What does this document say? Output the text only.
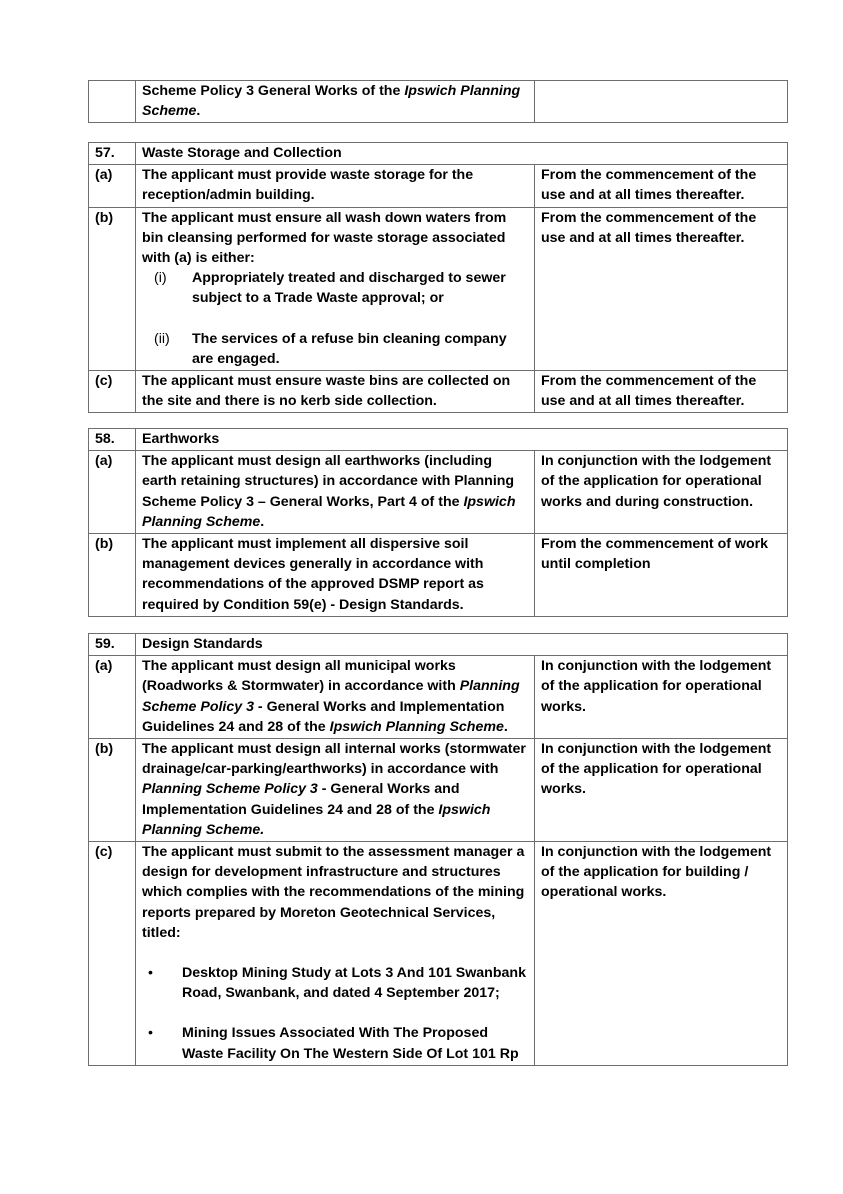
	Scheme Policy 3 General Works of the Ipswich Planning Scheme.	
57.	Waste Storage and Collection	
(a)	The applicant must provide waste storage for the reception/admin building.	From the commencement of the use and at all times thereafter.
(b)	The applicant must ensure all wash down waters from bin cleansing performed for waste storage associated with (a) is either:
(i) Appropriately treated and discharged to sewer subject to a Trade Waste approval; or
(ii) The services of a refuse bin cleaning company are engaged.	From the commencement of the use and at all times thereafter.
(c)	The applicant must ensure waste bins are collected on the site and there is no kerb side collection.	From the commencement of the use and at all times thereafter.
58.	Earthworks	
(a)	The applicant must design all earthworks (including earth retaining structures) in accordance with Planning Scheme Policy 3 – General Works, Part 4 of the Ipswich Planning Scheme.	In conjunction with the lodgement of the application for operational works and during construction.
(b)	The applicant must implement all dispersive soil management devices generally in accordance with recommendations of the approved DSMP report as required by Condition 59(e) - Design Standards.	From the commencement of work until completion
59.	Design Standards	
(a)	The applicant must design all municipal works (Roadworks & Stormwater) in accordance with Planning Scheme Policy 3 - General Works and Implementation Guidelines 24 and 28 of the Ipswich Planning Scheme.	In conjunction with the lodgement of the application for operational works.
(b)	The applicant must design all internal works (stormwater drainage/car-parking/earthworks) in accordance with Planning Scheme Policy 3 - General Works and Implementation Guidelines 24 and 28 of the Ipswich Planning Scheme.	In conjunction with the lodgement of the application for operational works.
(c)	The applicant must submit to the assessment manager a design for development infrastructure and structures which complies with the recommendations of the mining reports prepared by Moreton Geotechnical Services, titled:
• Desktop Mining Study at Lots 3 And 101 Swanbank Road, Swanbank, and dated 4 September 2017;
• Mining Issues Associated With The Proposed Waste Facility On The Western Side Of Lot 101 Rp	In conjunction with the lodgement of the application for building / operational works.
